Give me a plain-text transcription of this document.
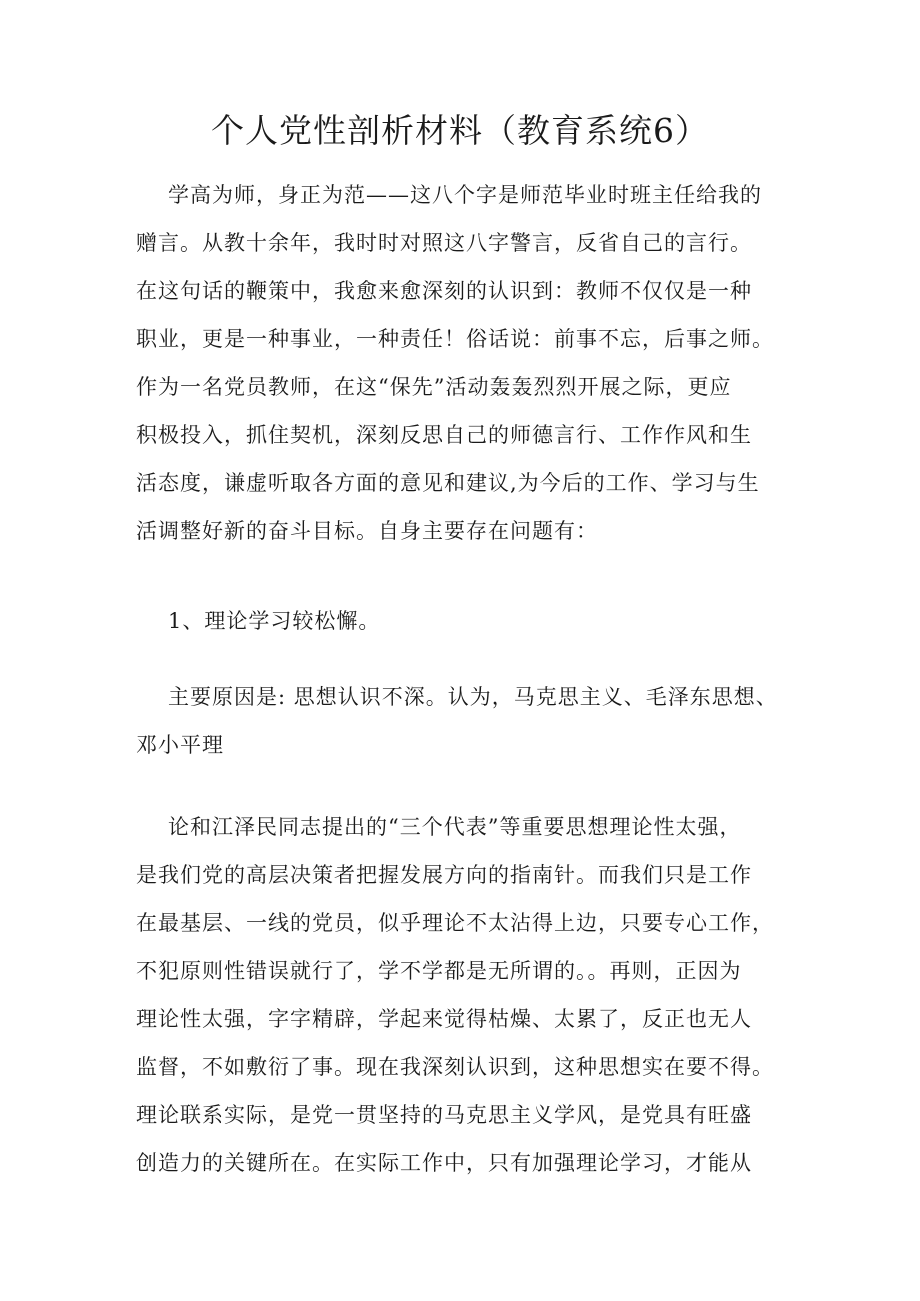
个人党性剖析材料（教育系统6）

学高为师，身正为范——这八个字是师范毕业时班主任给我的

赠言。从教十余年，我时时对照这八字警言，反省自己的言行。

在这句话的鞭策中，我愈来愈深刻的认识到：教师不仅仅是一种

职业，更是一种事业，一种责任！俗话说：前事不忘，后事之师。

作为一名党员教师，在这“保先”活动轰轰烈烈开展之际，更应

积极投入，抓住契机，深刻反思自己的师德言行、工作作风和生

活态度，谦虚听取各方面的意见和建议,为今后的工作、学习与生

活调整好新的奋斗目标。自身主要存在问题有：

1、理论学习较松懈。

主要原因是: 思想认识不深。认为，马克思主义、毛泽东思想、

邓小平理

论和江泽民同志提出的“三个代表”等重要思想理论性太强，

是我们党的高层决策者把握发展方向的指南针。而我们只是工作

在最基层、一线的党员，似乎理论不太沾得上边，只要专心工作，

不犯原则性错误就行了，学不学都是无所谓的。。再则，正因为

理论性太强，字字精辟，学起来觉得枯燥、太累了，反正也无人

监督，不如敷衍了事。现在我深刻认识到，这种思想实在要不得。

理论联系实际，是党一贯坚持的马克思主义学风，是党具有旺盛

创造力的关键所在。在实际工作中，只有加强理论学习，才能从
